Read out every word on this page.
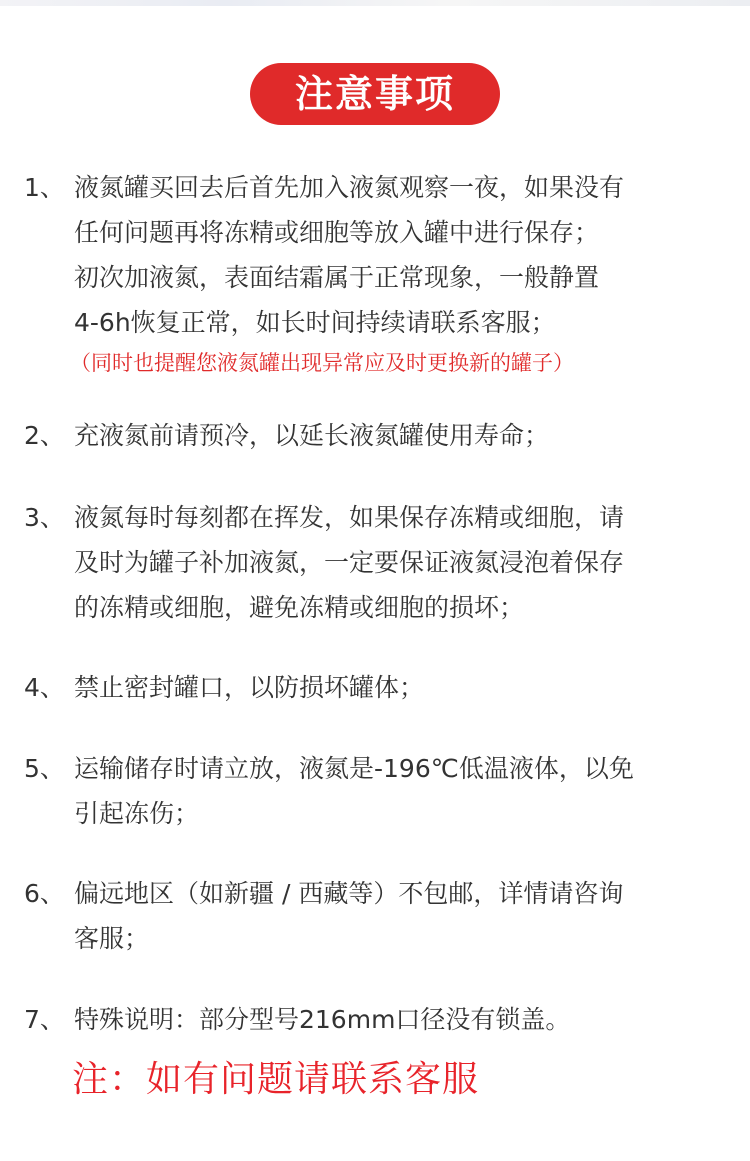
注意事项
1、 液氮罐买回去后首先加入液氮观察一夜，如果没有
任何问题再将冻精或细胞等放入罐中进行保存；
初次加液氮，表面结霜属于正常现象，一般静置
4-6h恢复正常，如长时间持续请联系客服；
（同时也提醒您液氮罐出现异常应及时更换新的罐子）
2、 充液氮前请预冷，以延长液氮罐使用寿命；
3、 液氮每时每刻都在挥发，如果保存冻精或细胞，请
及时为罐子补加液氮，一定要保证液氮浸泡着保存
的冻精或细胞，避免冻精或细胞的损坏；
4、 禁止密封罐口，以防损坏罐体；
5、 运输储存时请立放，液氮是-196℃低温液体，以免
引起冻伤；
6、 偏远地区（如新疆 / 西藏等）不包邮，详情请咨询
客服；
7、 特殊说明：部分型号216mm口径没有锁盖。
注：如有问题请联系客服
